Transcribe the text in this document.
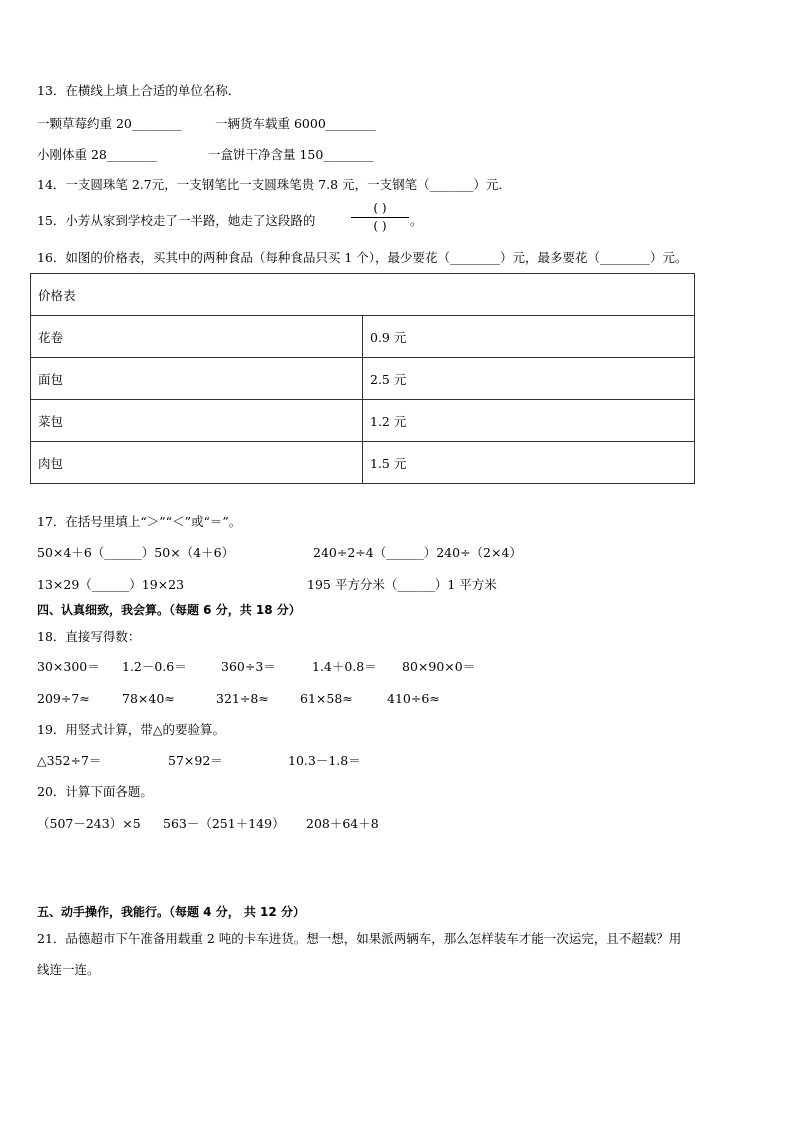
13．在横线上填上合适的单位名称．
一颗草莓约重 20________	一辆货车载重 6000________
小刚体重 28________	一盒饼干净含量 150________
14．一支圆珠笔 2.7元，一支钢笔比一支圆珠笔贵 7.8 元，一支钢笔（_______）元．
15．小芳从家到学校走了一半路，她走了这段路的
( )
( ) 。
16．如图的价格表，买其中的两种食品（每种食品只买 1 个），最少要花（________）元，最多要花（________）元。
价格表	
花卷	0.9 元
面包	2.5 元
菜包	1.2 元
肉包	1.5 元
17．在括号里填上“＞”“＜”或“＝”。
50×4＋6（______）50×（4＋6）	240÷2÷4（______）240÷（2×4）
13×29（______）19×23	195 平方分米（______）1 平方米
四、认真细致，我会算。（每题 6 分，共 18 分）
18．直接写得数：
30×300＝ 1.2－0.6＝	360÷3＝	1.4＋0.8＝ 80×90×0＝
209÷7≈	78×40≈	321÷8≈ 61×58≈	410÷6≈
19．用竖式计算，带△的要验算。
△352÷7＝	57×92＝	10.3－1.8＝
20．计算下面各题。
（507－243）×5 563－（251＋149） 208＋64＋8
五、动手操作，我能行。（每题 4 分， 共 12 分）
21．品德超市下午准备用载重 2 吨的卡车进货。想一想，如果派两辆车，那么怎样装车才能一次运完，且不超载？用
线连一连。
